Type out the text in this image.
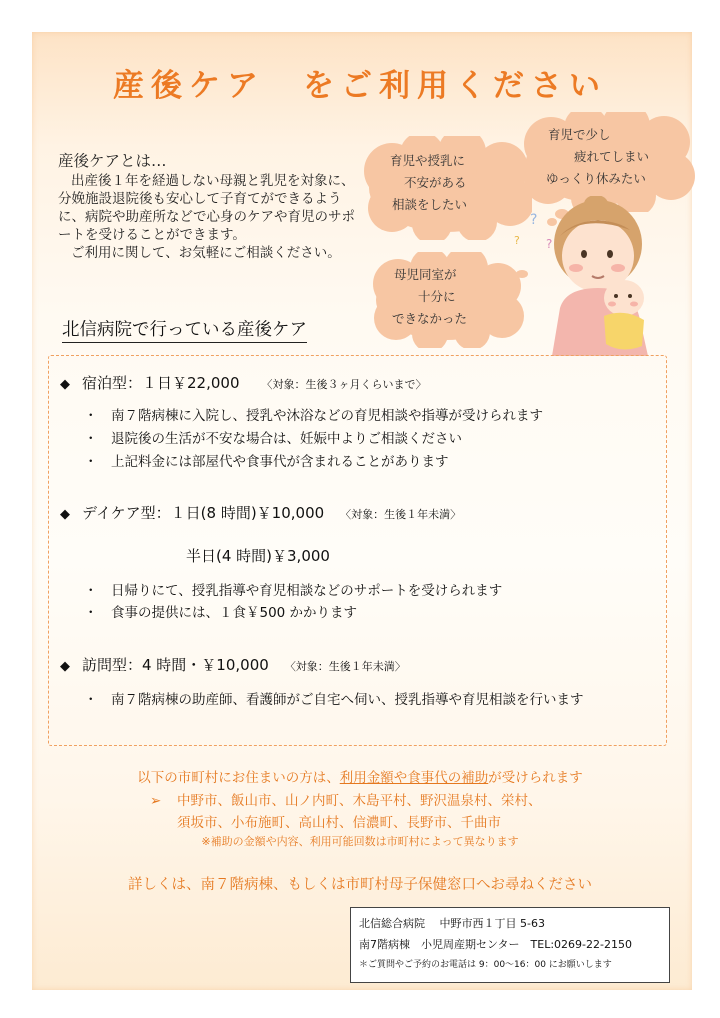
産後ケア　をご利用ください
産後ケアとは…

出産後１年を経過しない母親と乳児を対象に、分娩施設退院後も安心して子育てができるように、病院や助産所などで心身のケアや育児のサポートを受けることができます。

ご利用に関して、お気軽にご相談ください。

育児や授乳に
不安がある
相談をしたい
育児で少し
疲れてしまい
ゆっくり休みたい
母児同室が
十分に
できなかった
?
?
?
北信病院で行っている産後ケア
◆ 宿泊型：１日￥22,000 〈対象：生後３ヶ月くらいまで〉
・ 南７階病棟に入院し、授乳や沐浴などの育児相談や指導が受けられます
・ 退院後の生活が不安な場合は、妊娠中よりご相談ください
・ 上記料金には部屋代や食事代が含まれることがあります
◆ デイケア型：１日(8 時間)￥10,000 〈対象：生後１年未満〉
半日(4 時間)￥3,000
・ 日帰りにて、授乳指導や育児相談などのサポートを受けられます
・ 食事の提供には、１食￥500 かかります
◆ 訪問型：4 時間・￥10,000 〈対象：生後１年未満〉
・ 南７階病棟の助産師、看護師がご自宅へ伺い、授乳指導や育児相談を行います
以下の市町村にお住まいの方は、利用金額や食事代の補助が受けられます
➢ 中野市、飯山市、山ノ内町、木島平村、野沢温泉村、栄村、
須坂市、小布施町、高山村、信濃町、長野市、千曲市
※補助の金額や内容、利用可能回数は市町村によって異なります
詳しくは、南７階病棟、もしくは市町村母子保健窓口へお尋ねください
北信総合病院　 中野市西１丁目 5-63
南7階病棟　小児周産期センター　TEL:0269-22-2150
＊ご質問やご予約のお電話は 9：00～16：00 にお願いします
